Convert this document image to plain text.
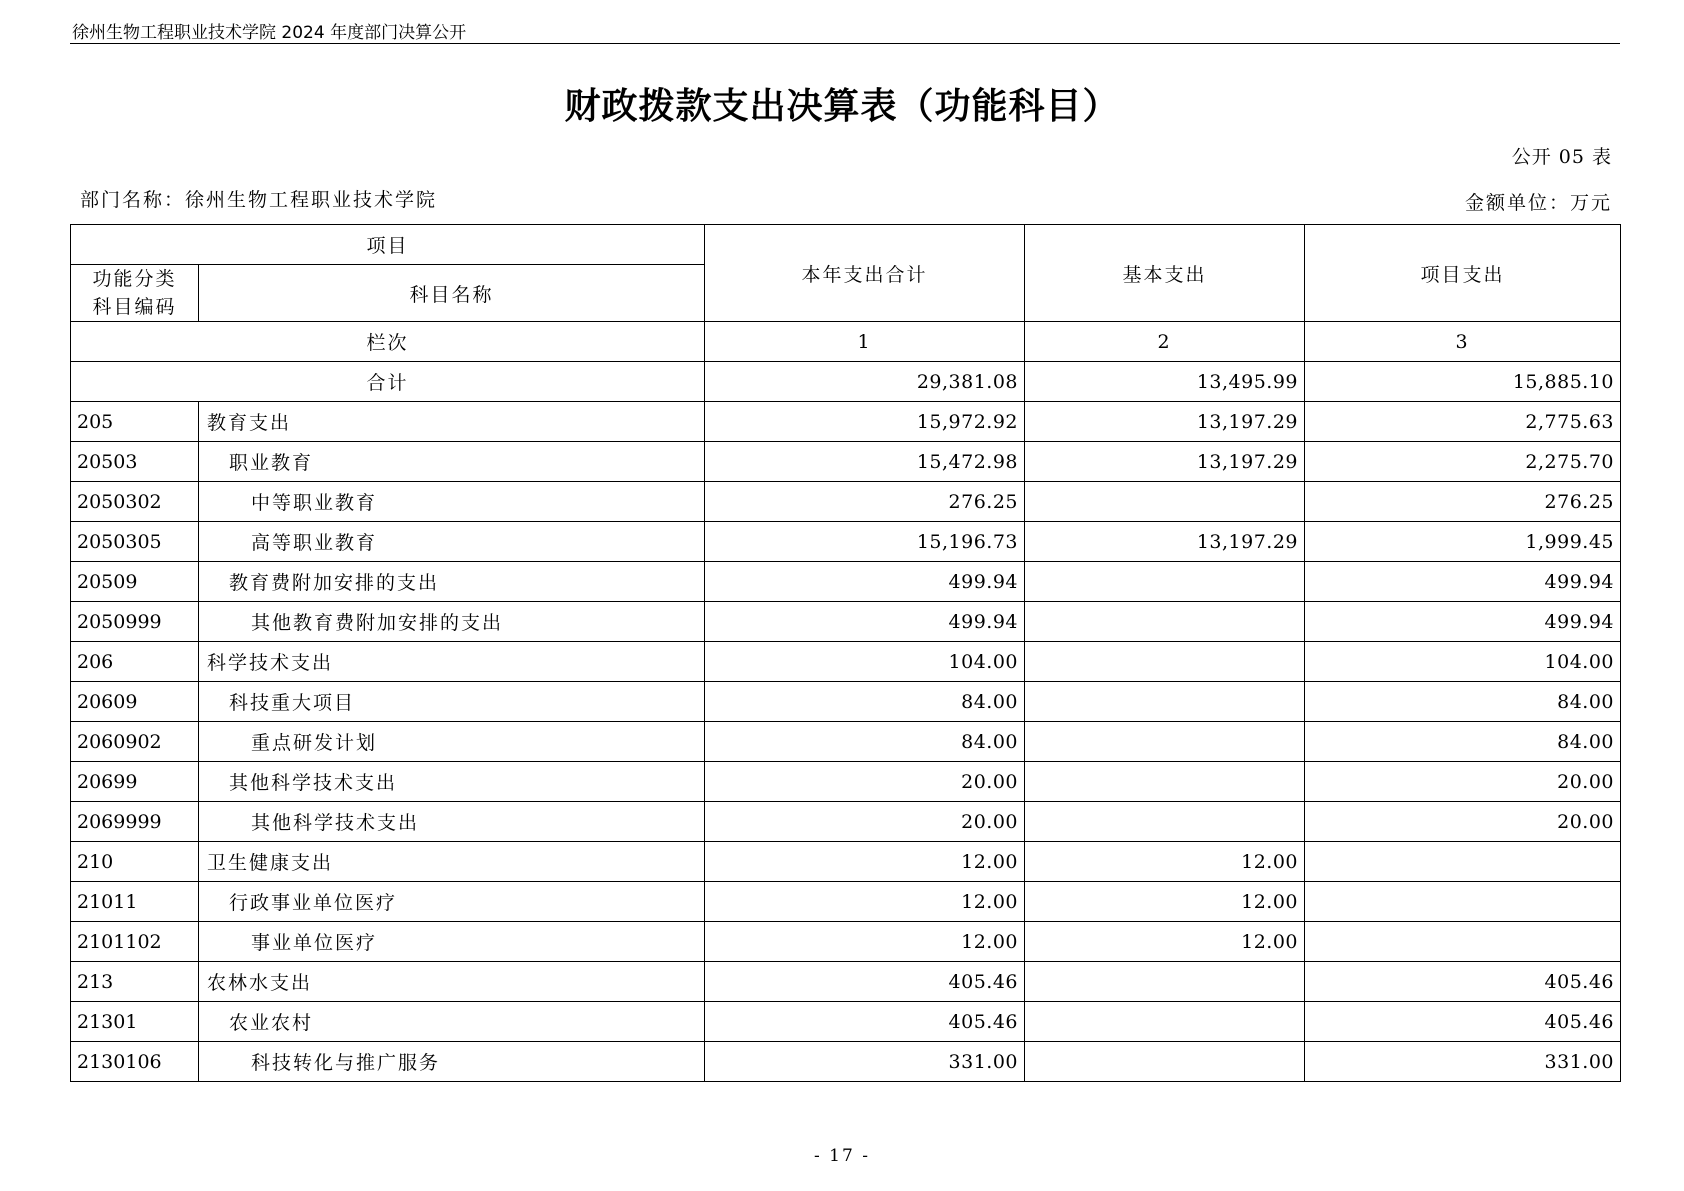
徐州生物工程职业技术学院 2024 年度部门决算公开
财政拨款支出决算表（功能科目）
公开 05 表
部门名称：徐州生物工程职业技术学院	金额单位：万元
项目		本年支出合计	基本支出	项目支出

功能分类
科目编码	科目名称			
栏次		1	2	3
合计		29,381.08	13,495.99	15,885.10
205	教育支出	15,972.92	13,197.29	2,775.63
20503	职业教育	15,472.98	13,197.29	2,275.70
2050302	中等职业教育	276.25		276.25
2050305	高等职业教育	15,196.73	13,197.29	1,999.45
20509	教育费附加安排的支出	499.94		499.94
2050999	其他教育费附加安排的支出	499.94		499.94
206	科学技术支出	104.00		104.00
20609	科技重大项目	84.00		84.00
2060902	重点研发计划	84.00		84.00
20699	其他科学技术支出	20.00		20.00
2069999	其他科学技术支出	20.00		20.00
210	卫生健康支出	12.00	12.00	
21011	行政事业单位医疗	12.00	12.00	
2101102	事业单位医疗	12.00	12.00	
213	农林水支出	405.46		405.46
21301	农业农村	405.46		405.46
2130106	科技转化与推广服务	331.00		331.00
- 17 -
